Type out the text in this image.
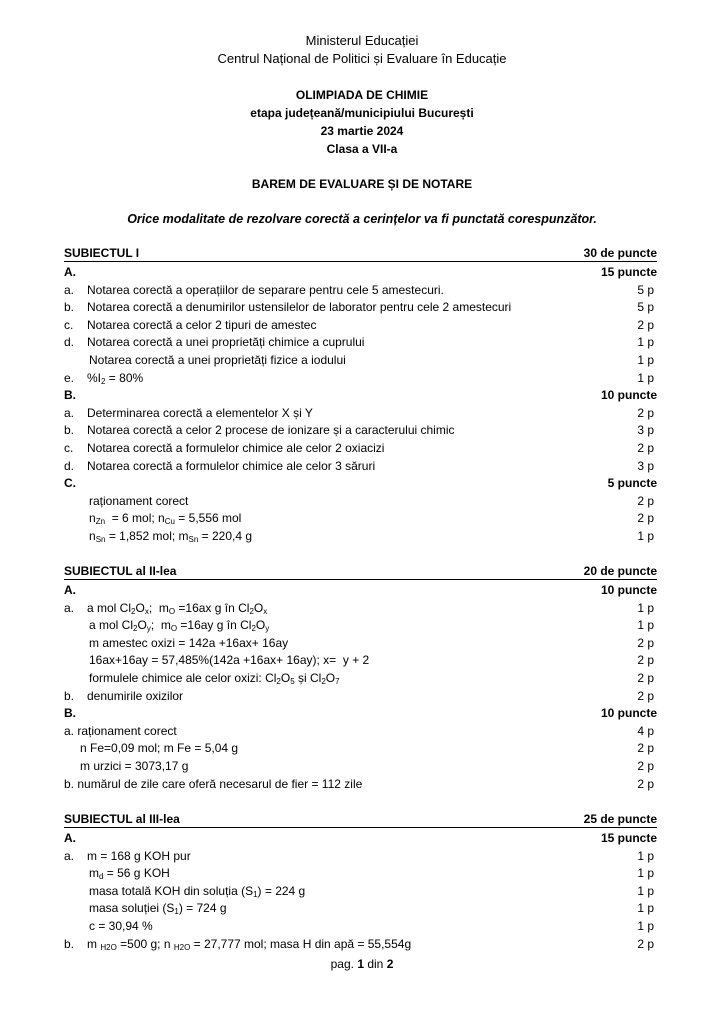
Ministerul Educației
Centrul Național de Politici și Evaluare în Educație
OLIMPIADA DE CHIMIE
etapa județeană/municipiului București
23 martie 2024
Clasa a VII-a
BAREM DE EVALUARE ȘI DE NOTARE
Orice modalitate de rezolvare corectă a cerințelor va fi punctată corespunzător.
SUBIECTUL I	30 de puncte
A.	15 puncte
a. Notarea corectă a operațiilor de separare pentru cele 5 amestecuri.	5 p
b. Notarea corectă a denumirilor ustensilelor de laborator pentru cele 2 amestecuri	5 p
c. Notarea corectă a celor 2 tipuri de amestec	2 p
d. Notarea corectă a unei proprietăți chimice a cuprului	1 p
Notarea corectă a unei proprietăți fizice a iodului	1 p
e. $\%I_2 = 80\%$	1 p
B.	10 puncte
a. Determinarea corectă a elementelor X și Y	2 p
b. Notarea corectă a celor 2 procese de ionizare și a caracterului chimic	3 p
c. Notarea corectă a formulelor chimice ale celor 2 oxiacizi	2 p
d. Notarea corectă a formulelor chimice ale celor 3 săruri	3 p
C.	5 puncte
raționament corect	2 p
$n_{Zn} = 6$ mol; $n_{Cu} = 5,556$ mol	2 p
$n_{Sn} = 1,852$ mol; $m_{Sn} = 220,4$ g	1 p
SUBIECTUL al II-lea	20 de puncte
A.	10 puncte
a. a mol $Cl_2O_x$;  $m_O =16ax$ g în $Cl_2O_x$	1 p
a mol $Cl_2O_y$;  $m_O =16ay$ g în $Cl_2O_y$	1 p
m amestec oxizi = 142a +16ax+ 16ay	2 p
16ax+16ay = 57,485%(142a +16ax+ 16ay); x=  y + 2	2 p
formulele chimice ale celor oxizi: $Cl_2O_5$ și $Cl_2O_7$	2 p
b. denumirile oxizilor	2 p
B.	10 puncte
a. raționament corect	4 p
n Fe=0,09 mol; m Fe = 5,04 g	2 p
m urzici = 3073,17 g	2 p
b. numărul de zile care oferă necesarul de fier = 112 zile	2 p
SUBIECTUL al III-lea	25 de puncte
A.	15 puncte
a. m = 168 g KOH pur	1 p
$m_d = 56$ g KOH	1 p
masa totală KOH din soluția $(S_1) = 224$ g	1 p
masa soluției $(S_1) = 724$ g	1 p
c = 30,94 %	1 p
b. m $_{H2O}$ =500 g; n $_{H2O}$ = 27,777 mol; masa H din apă = 55,554g	2 p
pag. 1 din 2
